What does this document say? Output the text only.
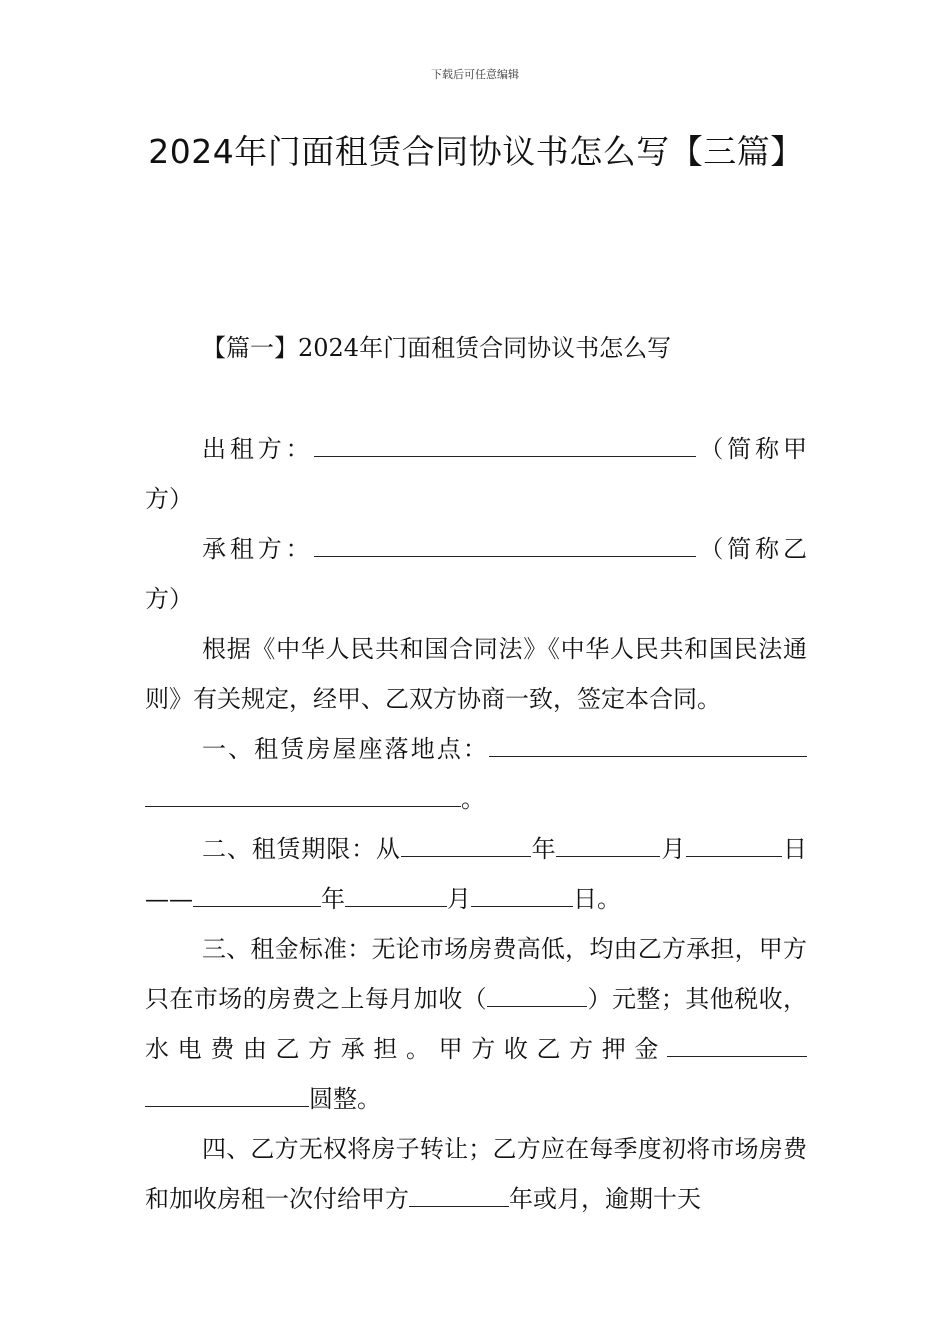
下载后可任意编辑
2024年门面租赁合同协议书怎么写【三篇】
【篇一】2024年门面租赁合同协议书怎么写

出租方：	（简称甲方）

承租方：	（简称乙方）

根据《中华人民共和国合同法》《中华人民共和国民法通则》有关规定，经甲、乙双方协商一致，签定本合同。

一、租赁房屋座落地点：。

二、租赁期限：从	年	月	日——	年	月	日。

三、租金标准：无论市场房费高低，均由乙方承担，甲方只在市场的房费之上每月加收（	）元整；其他税收，水电费由乙方承担。甲方收乙方押金圆整。

四、乙方无权将房子转让；乙方应在每季度初将市场房费和加收房租一次付给甲方	年或月，逾期十天
